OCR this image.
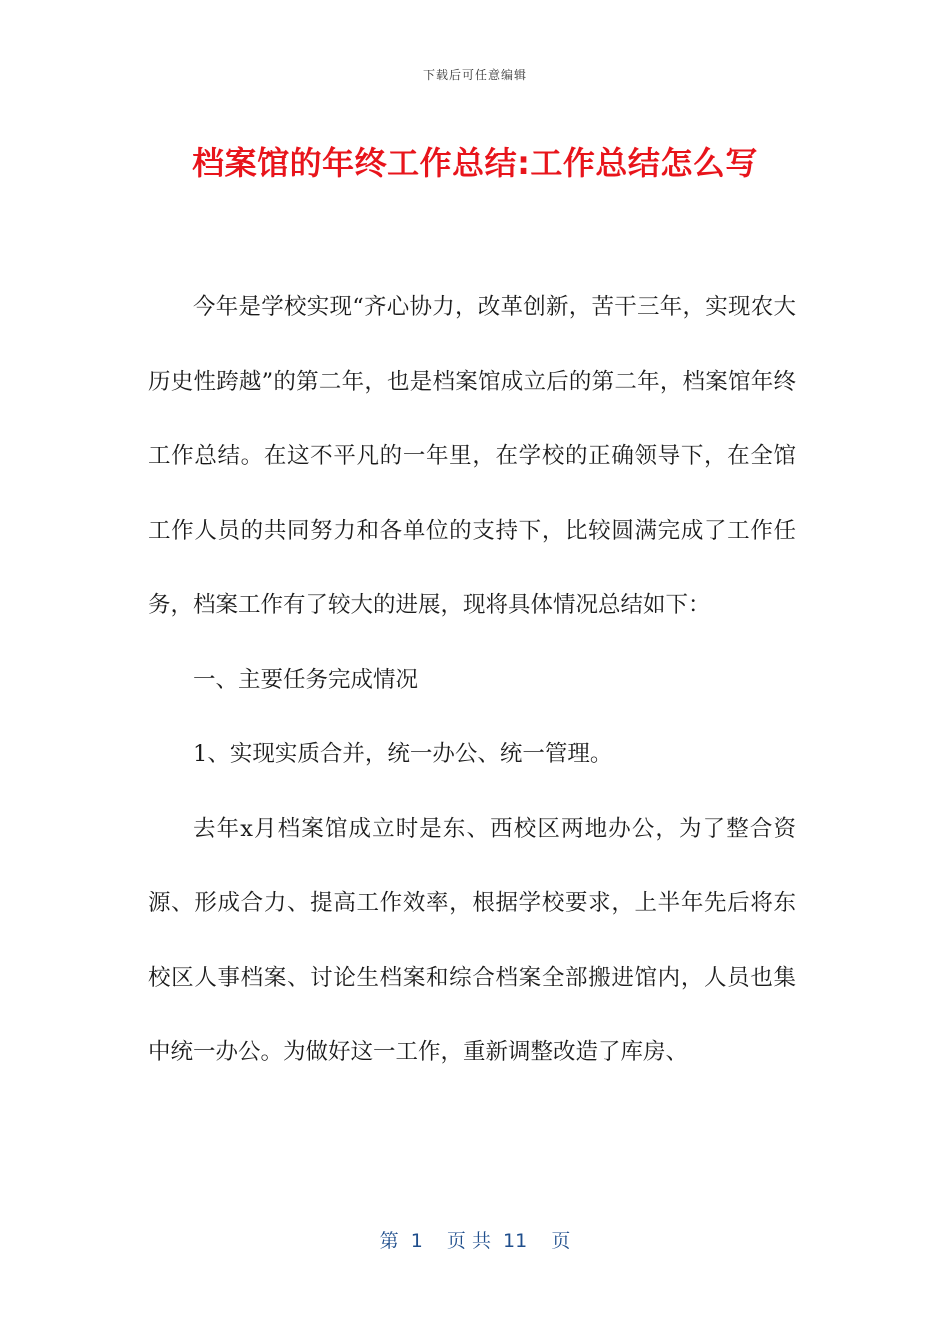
下载后可任意编辑
档案馆的年终工作总结:工作总结怎么写

今年是学校实现“齐心协力，改革创新，苦干三年，实现农大历史性跨越”的第二年，也是档案馆成立后的第二年，档案馆年终工作总结。在这不平凡的一年里，在学校的正确领导下，在全馆工作人员的共同努力和各单位的支持下，比较圆满完成了工作任务，档案工作有了较大的进展，现将具体情况总结如下：

一、主要任务完成情况

1、实现实质合并，统一办公、统一管理。

去年x月档案馆成立时是东、西校区两地办公，为了整合资源、形成合力、提高工作效率，根据学校要求，上半年先后将东校区人事档案、讨论生档案和综合档案全部搬进馆内，人员也集中统一办公。为做好这一工作，重新调整改造了库房、

第  1    页 共  11    页
